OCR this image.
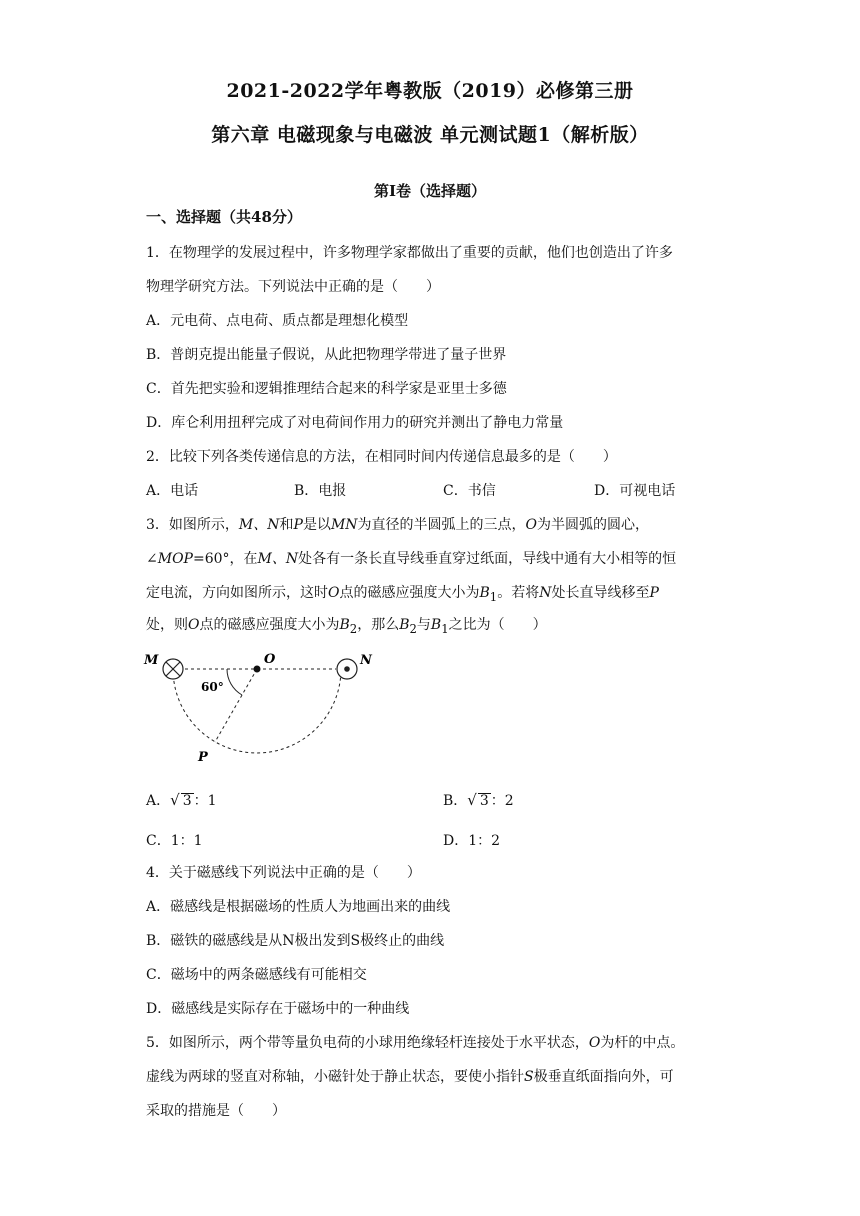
2021-2022学年粤教版（2019）必修第三册
第六章 电磁现象与电磁波 单元测试题1（解析版）
第Ⅰ卷（选择题）
一、选择题（共48分）
1．在物理学的发展过程中，许多物理学家都做出了重要的贡献，他们也创造出了许多
物理学研究方法。下列说法中正确的是（　　）
A．元电荷、点电荷、质点都是理想化模型
B．普朗克提出能量子假说，从此把物理学带进了量子世界
C．首先把实验和逻辑推理结合起来的科学家是亚里士多德
D．库仑利用扭秤完成了对电荷间作用力的研究并测出了静电力常量
2．比较下列各类传递信息的方法，在相同时间内传递信息最多的是（　　）
A．电话	B．电报	C．书信	D．可视电话
3．如图所示，M、N和P是以MN为直径的半圆弧上的三点，O为半圆弧的圆心，
∠MOP=60°，在M、N处各有一条长直导线垂直穿过纸面，导线中通有大小相等的恒
定电流，方向如图所示，这时O点的磁感应强度大小为$B_1$。若将N处长直导线移至P
处，则O点的磁感应强度大小为$B_2$，那么$B_2$与$B_1$之比为（　　）
M	O	N
P
60°
A．√ 3 ：1	B．√ 3 ：2
C．1：1	D．1：2
4．关于磁感线下列说法中正确的是（　　）
A．磁感线是根据磁场的性质人为地画出来的曲线
B．磁铁的磁感线是从N极出发到S极终止的曲线
C．磁场中的两条磁感线有可能相交
D．磁感线是实际存在于磁场中的一种曲线
5．如图所示，两个带等量负电荷的小球用绝缘轻杆连接处于水平状态，O为杆的中点。
虚线为两球的竖直对称轴，小磁针处于静止状态，要使小指针S极垂直纸面指向外，可
采取的措施是（　　）
